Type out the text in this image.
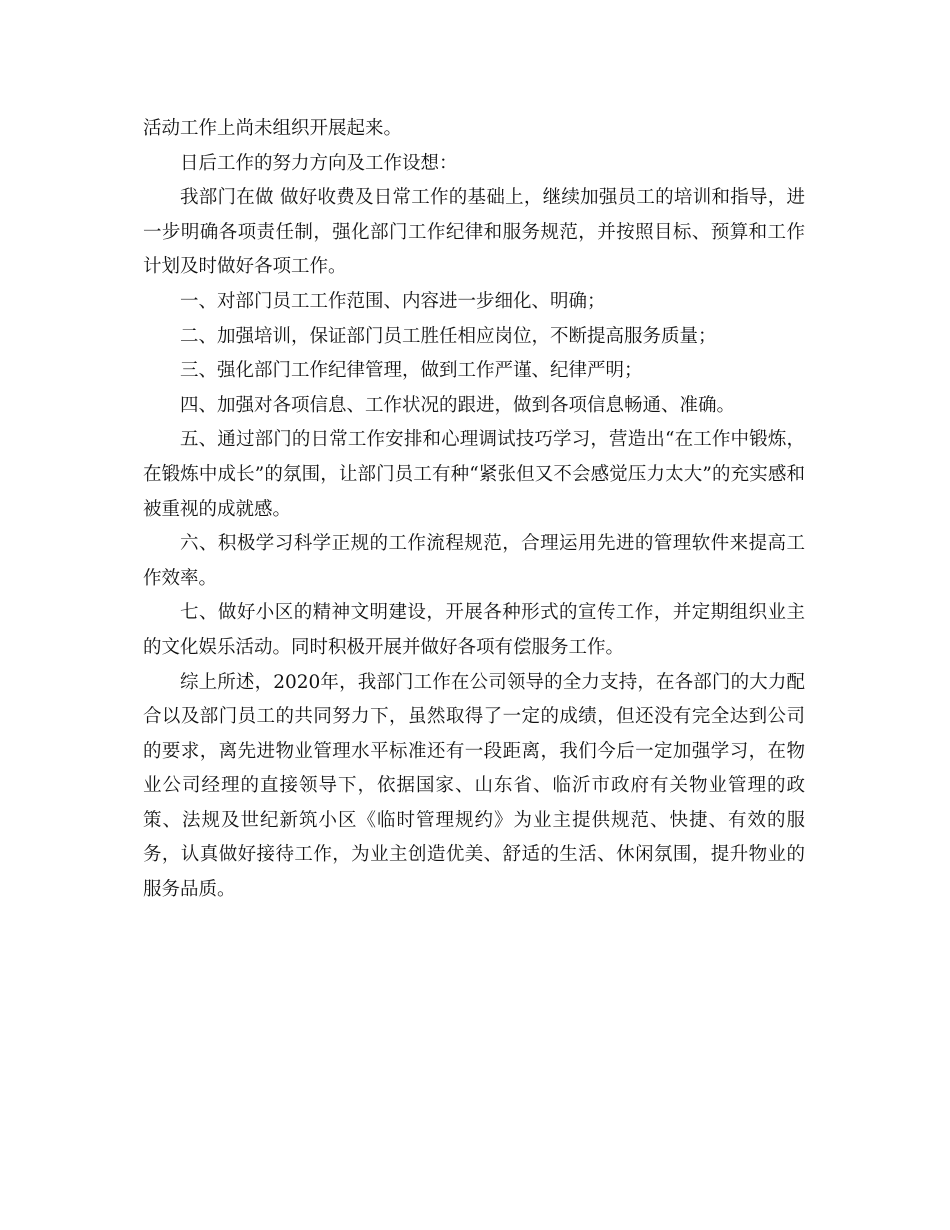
活动工作上尚未组织开展起来。

日后工作的努力方向及工作设想：

我部门在做 做好收费及日常工作的基础上，继续加强员工的培训和指导，进一步明确各项责任制，强化部门工作纪律和服务规范，并按照目标、预算和工作计划及时做好各项工作。

一、对部门员工工作范围、内容进一步细化、明确；

二、加强培训，保证部门员工胜任相应岗位，不断提高服务质量；

三、强化部门工作纪律管理，做到工作严谨、纪律严明；

四、加强对各项信息、工作状况的跟进，做到各项信息畅通、准确。

五、通过部门的日常工作安排和心理调试技巧学习，营造出“在工作中锻炼，在锻炼中成长”的氛围，让部门员工有种“紧张但又不会感觉压力太大”的充实感和被重视的成就感。

六、积极学习科学正规的工作流程规范，合理运用先进的管理软件来提高工作效率。

七、做好小区的精神文明建设，开展各种形式的宣传工作，并定期组织业主的文化娱乐活动。同时积极开展并做好各项有偿服务工作。

综上所述，2020年，我部门工作在公司领导的全力支持，在各部门的大力配合以及部门员工的共同努力下，虽然取得了一定的成绩，但还没有完全达到公司的要求，离先进物业管理水平标准还有一段距离，我们今后一定加强学习，在物业公司经理的直接领导下，依据国家、山东省、临沂市政府有关物业管理的政策、法规及世纪新筑小区《临时管理规约》为业主提供规范、快捷、有效的服务，认真做好接待工作，为业主创造优美、舒适的生活、休闲氛围，提升物业的服务品质。
